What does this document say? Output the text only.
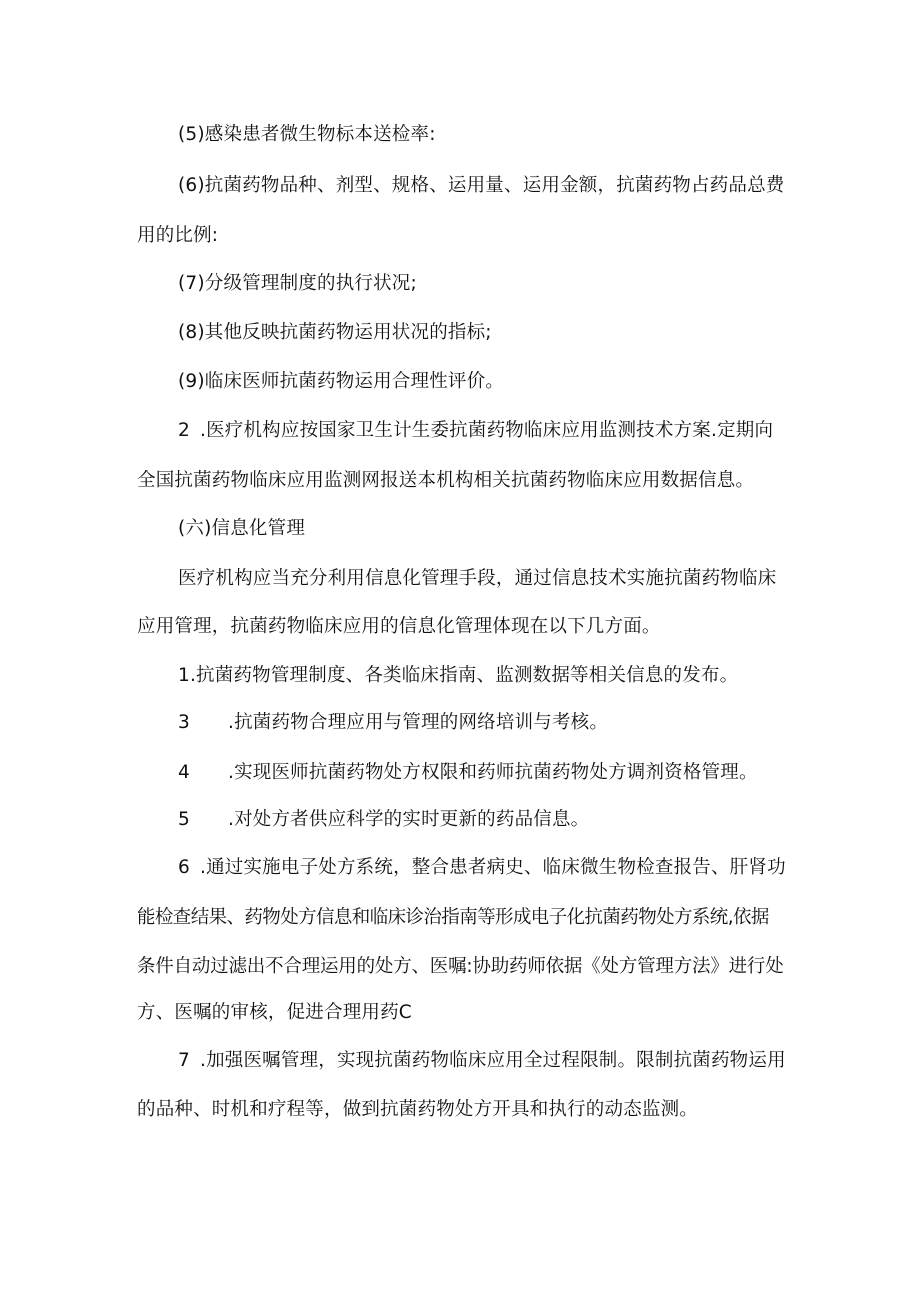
(5)感染患者微生物标本送检率:
(6)抗菌药物品种、剂型、规格、运用量、运用金额，抗菌药物占药品总费
用的比例:
(7)分级管理制度的执行状况;
(8)其他反映抗菌药物运用状况的指标;
(9)临床医师抗菌药物运用合理性评价。
2 .医疗机构应按国家卫生计生委抗菌药物临床应用监测技术方案.定期向
全国抗菌药物临床应用监测网报送本机构相关抗菌药物临床应用数据信息。
(六)信息化管理
医疗机构应当充分利用信息化管理手段，通过信息技术实施抗菌药物临床
应用管理，抗菌药物临床应用的信息化管理体现在以下几方面。
1.抗菌药物管理制度、各类临床指南、监测数据等相关信息的发布。
3 .抗菌药物合理应用与管理的网络培训与考核。
4 .实现医师抗菌药物处方权限和药师抗菌药物处方调剂资格管理。
5 .对处方者供应科学的实时更新的药品信息。
6 .通过实施电子处方系统，整合患者病史、临床微生物检查报告、肝肾功
能检查结果、药物处方信息和临床诊治指南等形成电子化抗菌药物处方系统,依据
条件自动过滤出不合理运用的处方、医嘱:协助药师依据《处方管理方法》进行处
方、医嘱的审核，促进合理用药C
7 .加强医嘱管理，实现抗菌药物临床应用全过程限制。限制抗菌药物运用
的品种、时机和疗程等，做到抗菌药物处方开具和执行的动态监测。
